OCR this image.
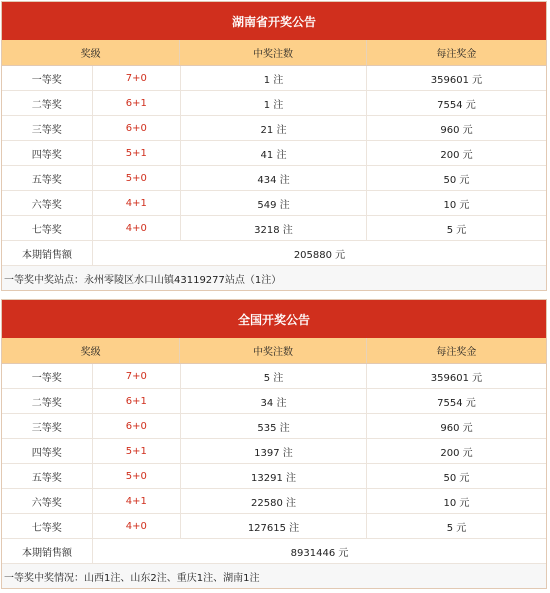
湖南省开奖公告
奖级	中奖注数	每注奖金
一等奖	7+0	1 注	359601 元
二等奖	6+1	1 注	7554 元
三等奖	6+0	21 注	960 元
四等奖	5+1	41 注	200 元
五等奖	5+0	434 注	50 元
六等奖	4+1	549 注	10 元
七等奖	4+0	3218 注	5 元
本期销售额	205880 元
一等奖中奖站点：永州零陵区水口山镇43119277站点（1注）
全国开奖公告
奖级	中奖注数	每注奖金
一等奖	7+0	5 注	359601 元
二等奖	6+1	34 注	7554 元
三等奖	6+0	535 注	960 元
四等奖	5+1	1397 注	200 元
五等奖	5+0	13291 注	50 元
六等奖	4+1	22580 注	10 元
七等奖	4+0	127615 注	5 元
本期销售额	8931446 元
一等奖中奖情况：山西1注、山东2注、重庆1注、湖南1注
